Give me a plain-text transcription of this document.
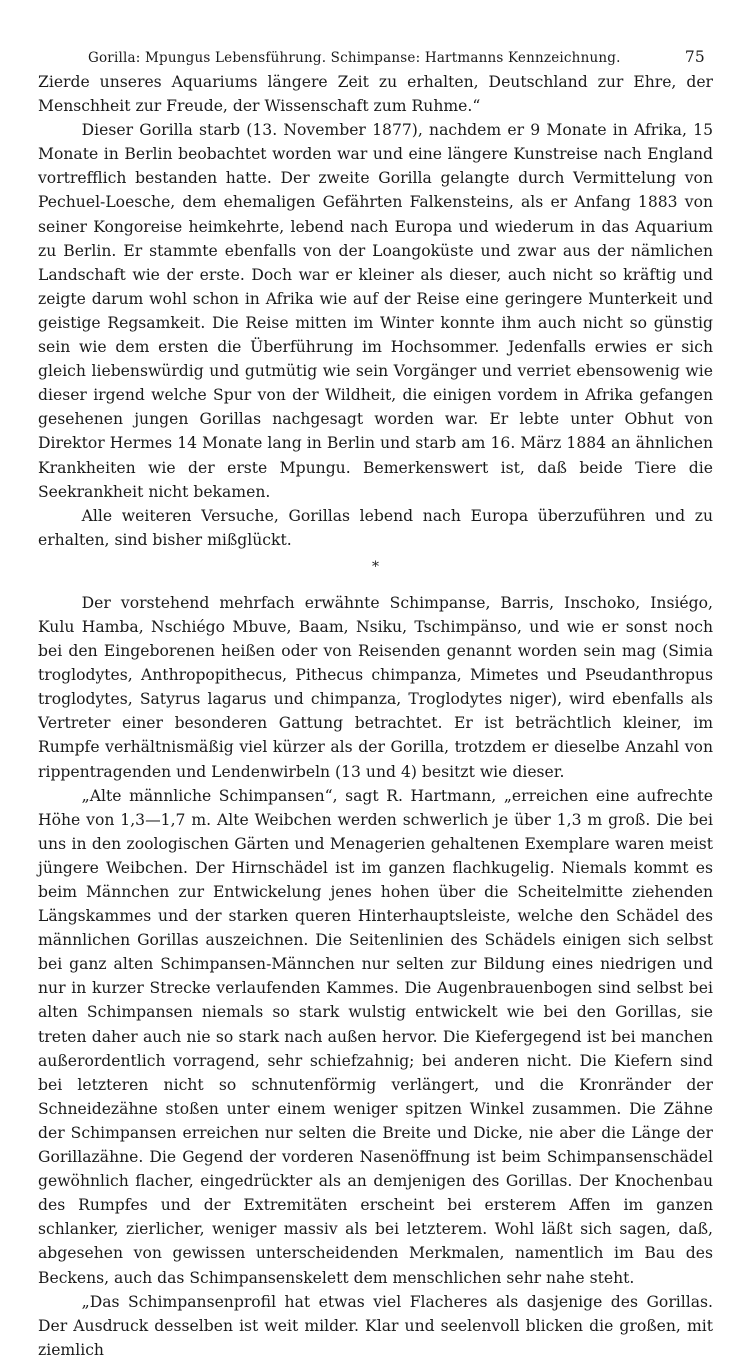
Gorilla: Mpungus Lebensführung. Schimpanse: Hartmanns Kennzeichnung.	75

Zierde unseres Aquariums längere Zeit zu erhalten, Deutschland zur Ehre, der Menschheit zur Freude, der Wissenschaft zum Ruhme.“

Dieser Gorilla starb (13. November 1877), nachdem er 9 Monate in Afrika, 15 Monate in Berlin beobachtet worden war und eine längere Kunstreise nach England vortrefflich bestanden hatte. Der zweite Gorilla gelangte durch Vermittelung von Pechuel-Loesche, dem ehemaligen Gefährten Falkensteins, als er Anfang 1883 von seiner Kongoreise heimkehrte, lebend nach Europa und wiederum in das Aquarium zu Berlin. Er stammte ebenfalls von der Loangoküste und zwar aus der nämlichen Landschaft wie der erste. Doch war er kleiner als dieser, auch nicht so kräftig und zeigte darum wohl schon in Afrika wie auf der Reise eine geringere Munterkeit und geistige Regsamkeit. Die Reise mitten im Winter konnte ihm auch nicht so günstig sein wie dem ersten die Überführung im Hochsommer. Jedenfalls erwies er sich gleich liebenswürdig und gutmütig wie sein Vorgänger und verriet ebensowenig wie dieser irgend welche Spur von der Wildheit, die einigen vordem in Afrika gefangen gesehenen jungen Gorillas nachgesagt worden war. Er lebte unter Obhut von Direktor Hermes 14 Monate lang in Berlin und starb am 16. März 1884 an ähnlichen Krankheiten wie der erste Mpungu. Bemerkenswert ist, daß beide Tiere die Seekrankheit nicht bekamen.

Alle weiteren Versuche, Gorillas lebend nach Europa überzuführen und zu erhalten, sind bisher mißglückt.

*

Der vorstehend mehrfach erwähnte Schimpanse, Barris, Inschoko, Insiégo, Kulu Hamba, Nschiégo Mbuve, Baam, Nsiku, Tschimpänso, und wie er sonst noch bei den Eingeborenen heißen oder von Reisenden genannt worden sein mag (Simia troglodytes, Anthropopithecus, Pithecus chimpanza, Mimetes und Pseudanthropus troglodytes, Satyrus lagarus und chimpanza, Troglodytes niger), wird ebenfalls als Vertreter einer besonderen Gattung betrachtet. Er ist beträchtlich kleiner, im Rumpfe verhältnismäßig viel kürzer als der Gorilla, trotzdem er dieselbe Anzahl von rippentragenden und Lendenwirbeln (13 und 4) besitzt wie dieser.

„Alte männliche Schimpansen“, sagt R. Hartmann, „erreichen eine aufrechte Höhe von 1,3—1,7 m. Alte Weibchen werden schwerlich je über 1,3 m groß. Die bei uns in den zoologischen Gärten und Menagerien gehaltenen Exemplare waren meist jüngere Weibchen. Der Hirnschädel ist im ganzen flachkugelig. Niemals kommt es beim Männchen zur Entwickelung jenes hohen über die Scheitelmitte ziehenden Längskammes und der starken queren Hinterhauptsleiste, welche den Schädel des männlichen Gorillas auszeichnen. Die Seitenlinien des Schädels einigen sich selbst bei ganz alten Schimpansen-Männchen nur selten zur Bildung eines niedrigen und nur in kurzer Strecke verlaufenden Kammes. Die Augenbrauenbogen sind selbst bei alten Schimpansen niemals so stark wulstig entwickelt wie bei den Gorillas, sie treten daher auch nie so stark nach außen hervor. Die Kiefergegend ist bei manchen außerordentlich vorragend, sehr schiefzahnig; bei anderen nicht. Die Kiefern sind bei letzteren nicht so schnutenförmig verlängert, und die Kronränder der Schneidezähne stoßen unter einem weniger spitzen Winkel zusammen. Die Zähne der Schimpansen erreichen nur selten die Breite und Dicke, nie aber die Länge der Gorillazähne. Die Gegend der vorderen Nasenöffnung ist beim Schimpansenschädel gewöhnlich flacher, eingedrückter als an demjenigen des Gorillas. Der Knochenbau des Rumpfes und der Extremitäten erscheint bei ersterem Affen im ganzen schlanker, zierlicher, weniger massiv als bei letzterem. Wohl läßt sich sagen, daß, abgesehen von gewissen unterscheidenden Merkmalen, namentlich im Bau des Beckens, auch das Schimpansenskelett dem menschlichen sehr nahe steht.

„Das Schimpansenprofil hat etwas viel Flacheres als dasjenige des Gorillas. Der Ausdruck desselben ist weit milder. Klar und seelenvoll blicken die großen, mit ziemlich
